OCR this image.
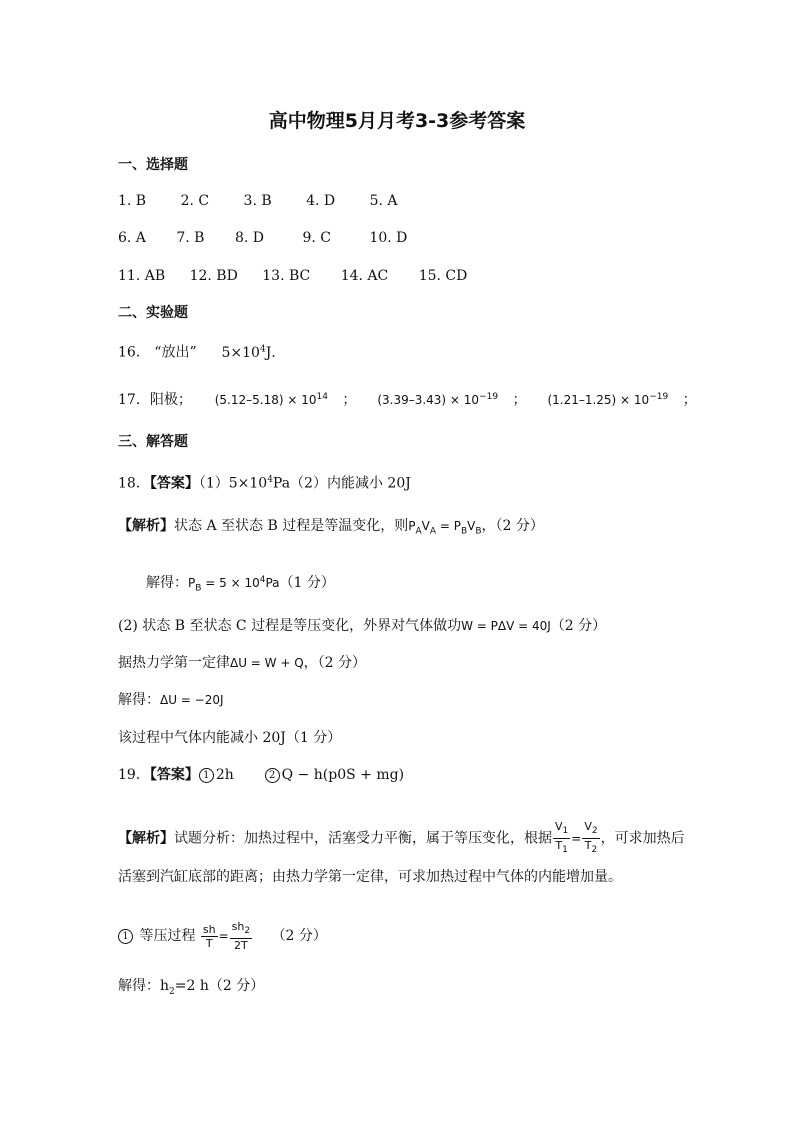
高中物理5月月考3-3参考答案
一、选择题
1. B 2. C 3. B 4. D 5. A
6. A 7. B 8. D	9. C	10. D
11. AB 12. BD 13. BC 14. AC 15. CD
二、实验题
16． “放出” $5\times 10^4J$．
17．阳极； $(5.12-5.18) \times 10^{14}$ ； $(3.39-3.43) \times 10^{-19}$ ； $(1.21-1.25) \times 10^{-19}$ ；
三、解答题
18．【答案】$(1)5\times 10^4Pa(2)$内能减小 20J
【解析】状态 A 至状态 B 过程是等温变化，则$P_AV_A = P_BV_B$，（2 分）
解得：$P_B = 5 \times 10^4Pa(1$ 分）
(2) 状态 B 至状态 C 过程是等压变化，外界对气体做功W = PΔV = 40J（2 分）
据热力学第一定律ΔU = W + Q，（2 分）
解得：ΔU = −20J
该过程中气体内能减小 20J（1 分）
19．【答案】 1 2h	2 Q − h(p0S + mg)
【解析】试题分析：加热过程中，活塞受力平衡，属于等压变化，根据 $\frac{V_1}{T_1} = \frac{V_2}{T_2}$ ，可求加热后
活塞到汽缸底部的距离；由热力学第一定律，可求加热过程中气体的内能增加量。
1 等压过程 $\frac{sh}{T} = \frac{sh_2}{2T} (2$ 分）
解得：$h_2=2$ h（2 分）
